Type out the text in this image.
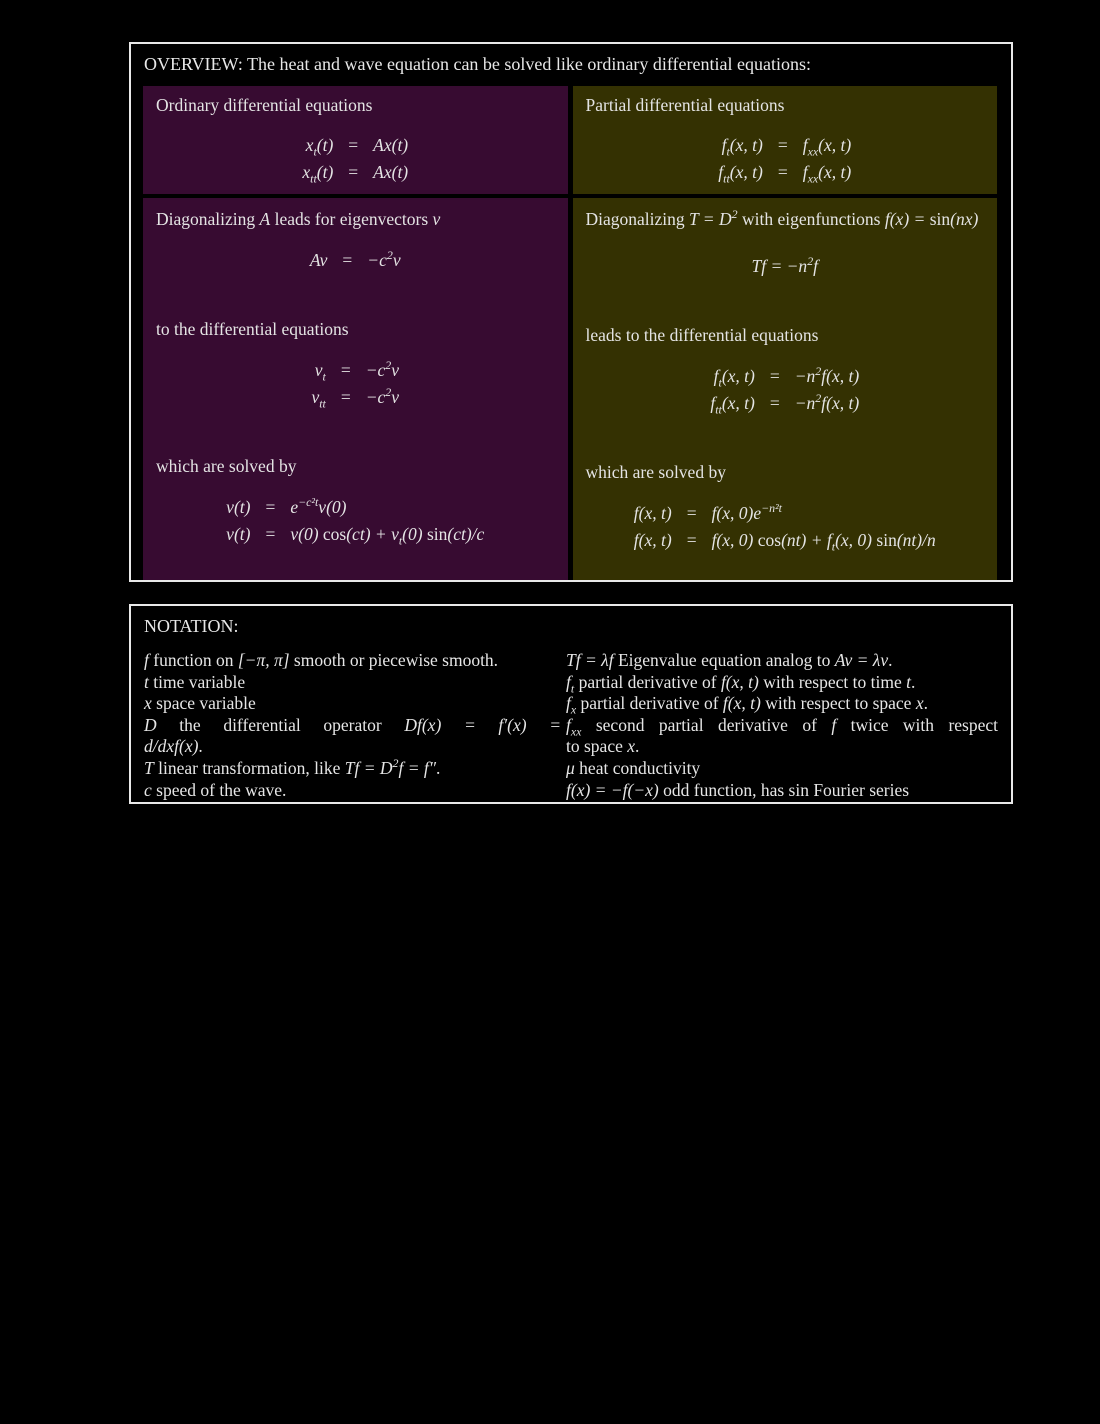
OVERVIEW: The heat and wave equation can be solved like ordinary differential equations:
Ordinary differential equations
$x_t(t)$	=	Ax(t)
$x_{tt}(t)$	=	Ax(t)
Diagonalizing A leads for eigenvectors v⃗
Av	=	$-c^2v$
to the differential equations
$v_t$	=	$-c^2v$
$v_{tt}$	=	$-c^2v$
which are solved by
v(t)	=	$e^{-c^2t}v(0)$
v(t)	=	v(0) $\cos(ct) + v_t(0)$ sin(ct)/c
Partial differential equations
$f_t(x$, t)	=	$f_{xx}(x$, t)
$f_{tt}(x$, t)	=	$f_{xx}(x$, t)
Diagonalizing $T = D^2$ with eigenfunctions f(x) = sin(nx)
$Tf = -n^2f$
leads to the differential equations
$f_t(x$, t)	=	$-n^2f(x$, t)
$f_{tt}(x$, t)	=	$-n^2f(x$, t)
which are solved by
f(x, t)	=	f(x, $0)e^{-n^2t}$
f(x, t)	=	f(x, 0) $\cos(nt) + f_t(x$, 0) sin(nt)/n
NOTATION:
f function on [−π, π] smooth or piecewise smooth.
t time variable
x space variable
D the differential operator Df(x) = f′(x) =
d/dxf(x).
T linear transformation, like $Tf = D^2f = f''$.
c speed of the wave.
Tf = λf Eigenvalue equation analog to Av = λv.
$f_t$ partial derivative of f(x, t) with respect to time t.
$f_x$ partial derivative of f(x, t) with respect to space x.
$f_{xx}$ second partial derivative of f twice with respect
to space x.
μ heat conductivity
f(x) = −f(−x) odd function, has sin Fourier series
